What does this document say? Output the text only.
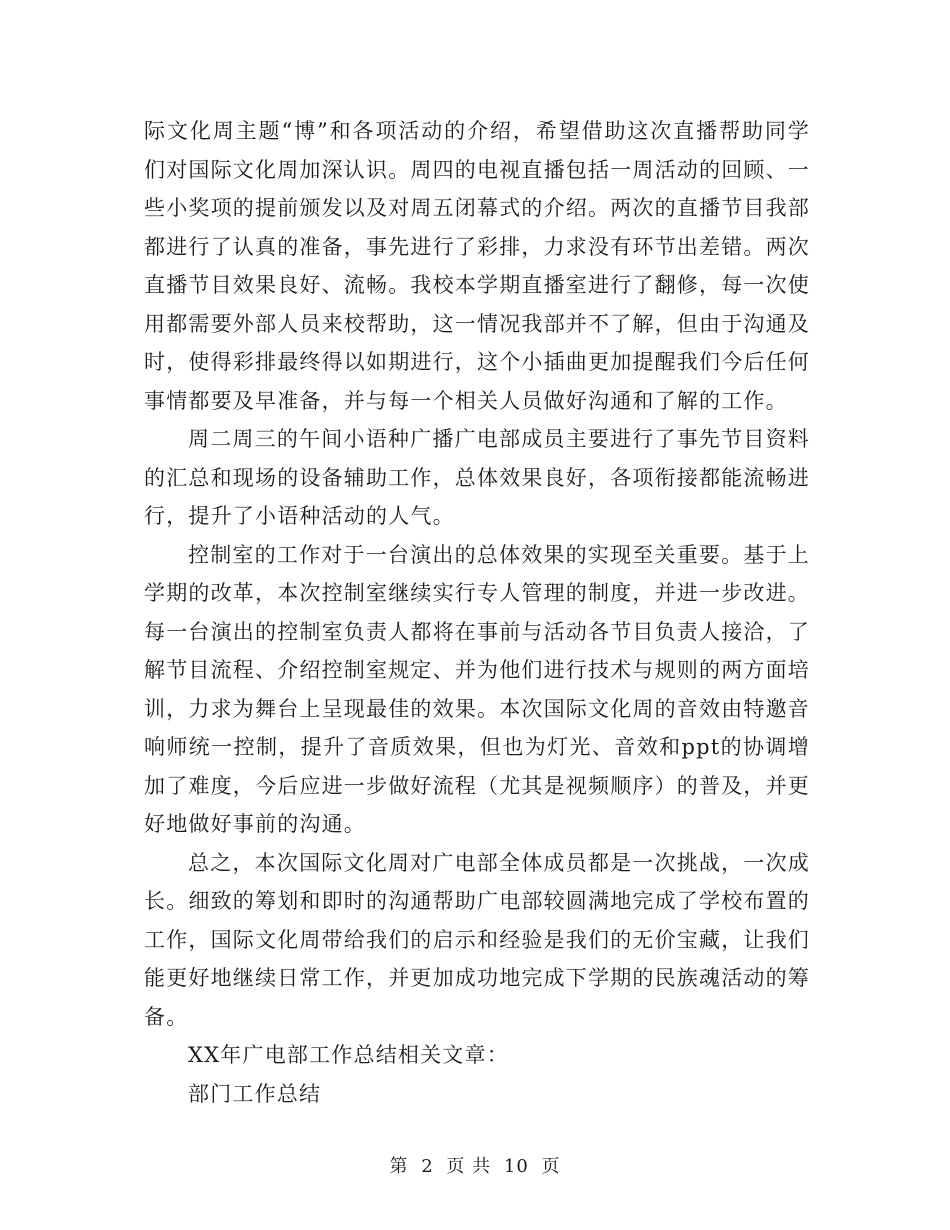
际文化周主题“博”和各项活动的介绍，希望借助这次直播帮助同学们对国际文化周加深认识。周四的电视直播包括一周活动的回顾、一些小奖项的提前颁发以及对周五闭幕式的介绍。两次的直播节目我部都进行了认真的准备，事先进行了彩排，力求没有环节出差错。两次直播节目效果良好、流畅。我校本学期直播室进行了翻修，每一次使用都需要外部人员来校帮助，这一情况我部并不了解，但由于沟通及时，使得彩排最终得以如期进行，这个小插曲更加提醒我们今后任何事情都要及早准备，并与每一个相关人员做好沟通和了解的工作。

周二周三的午间小语种广播广电部成员主要进行了事先节目资料的汇总和现场的设备辅助工作，总体效果良好，各项衔接都能流畅进行，提升了小语种活动的人气。

控制室的工作对于一台演出的总体效果的实现至关重要。基于上学期的改革，本次控制室继续实行专人管理的制度，并进一步改进。每一台演出的控制室负责人都将在事前与活动各节目负责人接洽，了解节目流程、介绍控制室规定、并为他们进行技术与规则的两方面培训，力求为舞台上呈现最佳的效果。本次国际文化周的音效由特邀音响师统一控制，提升了音质效果，但也为灯光、音效和ppt的协调增加了难度，今后应进一步做好流程（尤其是视频顺序）的普及，并更好地做好事前的沟通。

总之，本次国际文化周对广电部全体成员都是一次挑战，一次成长。细致的筹划和即时的沟通帮助广电部较圆满地完成了学校布置的工作，国际文化周带给我们的启示和经验是我们的无价宝藏，让我们能更好地继续日常工作，并更加成功地完成下学期的民族魂活动的筹备。

XX年广电部工作总结相关文章：

部门工作总结

第 2 页 共 10 页
